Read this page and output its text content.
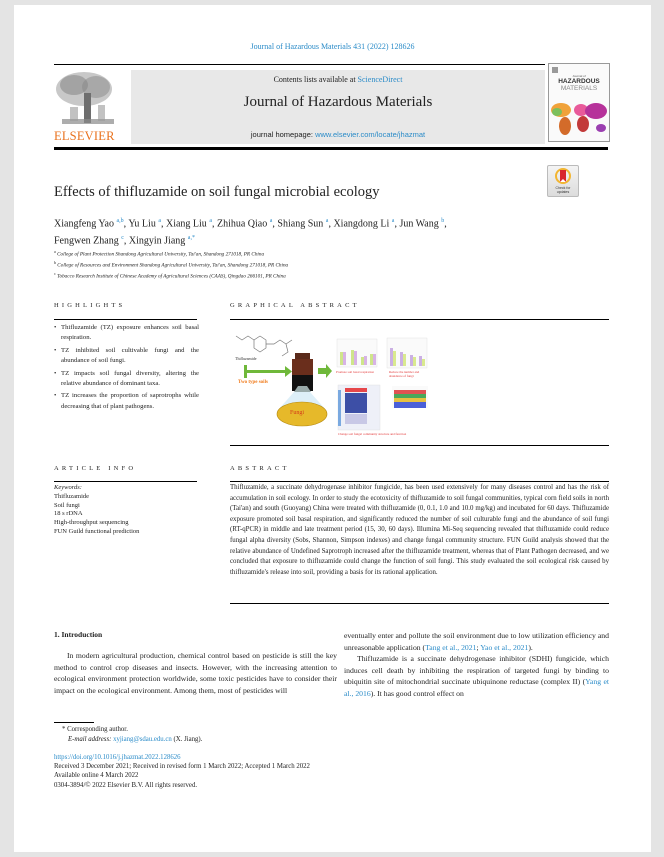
Journal of Hazardous Materials 431 (2022) 128626
ELSEVIER
Contents lists available at ScienceDirect
Journal of Hazardous Materials
journal homepage: www.elsevier.com/locate/jhazmat
Journal of
HAZARDOUS
MATERIALS
Check for
updates
Effects of thifluzamide on soil fungal microbial ecology
Xiangfeng Yao $^{a,b}$, Yu Liu $^a$, Xiang Liu $^a$, Zhihua Qiao $^a$, Shiang Sun $^a$, Xiangdong Li $^a$, Jun Wang $^b$,
Fengwen Zhang $^c$, Xingyin Jiang $^{a,*}$
$^a$ College of Plant Protection Shandong Agricultural University, Tai'an, Shandong 271018, PR China
$^b$ College of Resources and Environment Shandong Agricultural University, Tai'an, Shandong 271018, PR China
$^c$ Tobacco Research Institute of Chinese Academy of Agricultural Sciences (CAAS), Qingdao 266101, PR China
HIGHLIGHTS
• Thifluzamide (TZ) exposure enhances soil basal respiration.
• TZ inhibited soil cultivable fungi and the abundance of soil fungi.
• TZ impacts soil fungal diversity, altering the relative abundance of dominant taxa.
• TZ increases the proportion of saprotrophs while decreasing that of plant pathogens.
GRAPHICAL ABSTRACT
Thifluzamide
Two type soils
Fungi
Promote soil basal respiration	Reduce the number and abundance of fungi
Change soil fungal community structure and function
ARTICLE INFO
Keywords:
Thifluzamide
Soil fungi
18 s rDNA
High-throughput sequencing
FUN Guild functional prediction
ABSTRACT
Thifluzamide, a succinate dehydrogenase inhibitor fungicide, has been used extensively for many diseases control and has the risk of accumulation in soil ecology. In order to study the ecotoxicity of thifluzamide to soil fungal communities, typical corn field soils in north (Tai'an) and south (Guoyang) China were treated with thifluzamide (0, 0.1, 1.0 and 10.0 mg/kg) and incubated for 60 days. Thifluzamide exposure promoted soil basal respiration, and significantly reduced the number of soil culturable fungi and the abundance of soil fungi (RT-qPCR) in middle and late treatment period (15, 30, 60 days). Illumina Mi-Seq sequencing revealed that thifluzamide could reduce fungal alpha diversity (Sobs, Shannon, Simpson indexes) and change fungal community structure. FUN Guild analysis showed that the relative abundance of Undefined Saprotroph increased after the thifluzamide treatment, whereas that of Plant Pathogen decreased, and we concluded that exposure to thifluzamide could change the function of soil fungi. This study evaluated the soil ecological risk caused by thifluzamide's release into soil, providing a basis for its rational application.
1. Introduction
In modern agricultural production, chemical control based on pesticide is still the key method to control crop diseases and insects. However, with the increasing attention to ecological environment protection worldwide, some toxic pesticides have to consider their impact on the ecological environment. Among them, most of pesticides will
eventually enter and pollute the soil environment due to low utilization efficiency and unreasonable application (Tang et al., 2021; Yao et al., 2021).
Thifluzamide is a succinate dehydrogenase inhibitor (SDHI) fungicide, which induces cell death by inhibiting the respiration of targeted fungi by binding to ubiquitin site of mitochondrial succinate ubiquinone reductase (complex II) (Yang et al., 2016). It has good control effect on
* Corresponding author.
E-mail address: xyjiang@sdau.edu.cn (X. Jiang).
https://doi.org/10.1016/j.jhazmat.2022.128626
Received 3 December 2021; Received in revised form 1 March 2022; Accepted 1 March 2022
Available online 4 March 2022
0304-3894/© 2022 Elsevier B.V. All rights reserved.
